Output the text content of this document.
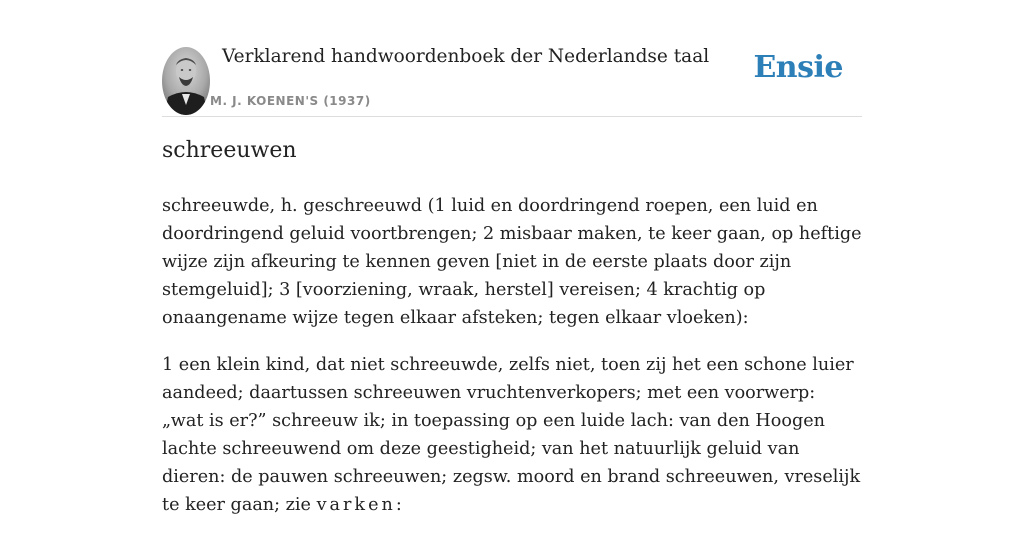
Verklarend handwoordenboek der Nederlandse taal
M. J. KOENEN'S (1937)
Ensie
schreeuwen

schreeuwde, h. geschreeuwd (1 luid en doordringend roepen, een luid en doordringend geluid voortbrengen; 2 misbaar maken, te keer gaan, op heftige wijze zijn afkeuring te kennen geven [niet in de eerste plaats door zijn stemgeluid]; 3 [voorziening, wraak, herstel] vereisen; 4 krachtig op onaangename wijze tegen elkaar afsteken; tegen elkaar vloeken):

1 een klein kind, dat niet schreeuwde, zelfs niet, toen zij het een schone luier aandeed; daartussen schreeuwen vruchtenverkopers; met een voorwerp: „wat is er?” schreeuw ik; in toepassing op een luide lach: van den Hoogen lachte schreeuwend om deze geestigheid; van het natuurlijk geluid van dieren: de pauwen schreeuwen; zegsw. moord en brand schreeuwen, vreselijk te keer gaan; zie varken:
